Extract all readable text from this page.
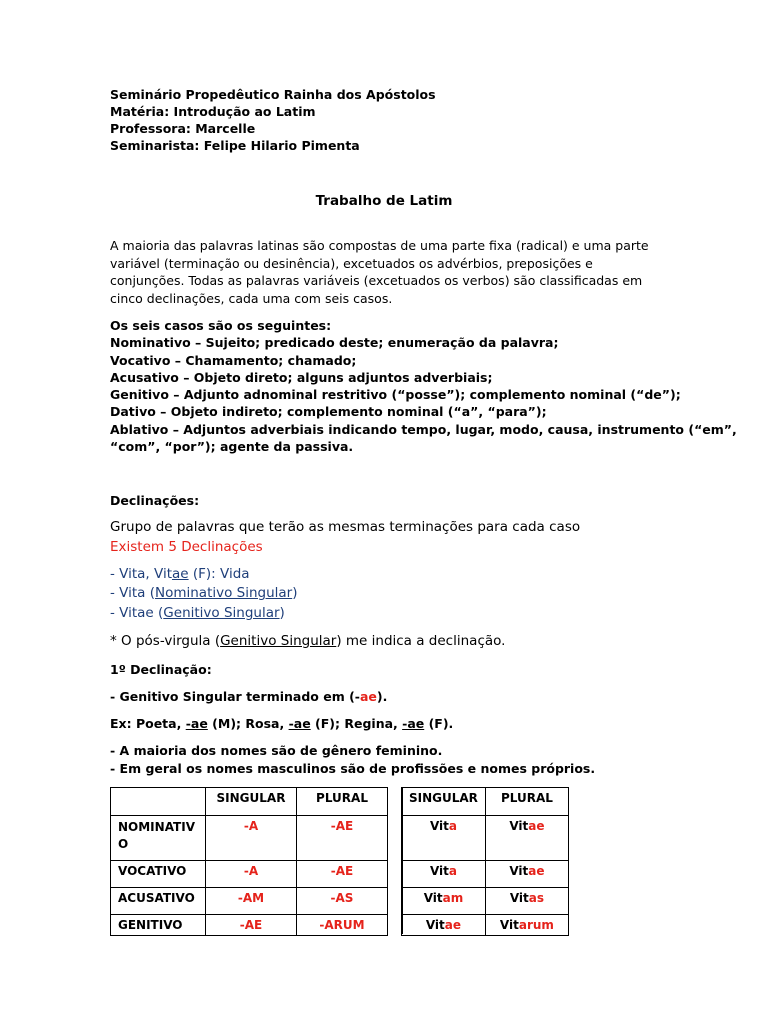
Seminário Propedêutico Rainha dos Apóstolos
Matéria: Introdução ao Latim
Professora: Marcelle
Seminarista: Felipe Hilario Pimenta
Trabalho de Latim
A maioria das palavras latinas são compostas de uma parte fixa (radical) e uma parte variável (terminação ou desinência), excetuados os advérbios, preposições e conjunções. Todas as palavras variáveis (excetuados os verbos) são classificadas em cinco declinações, cada uma com seis casos.
Os seis casos são os seguintes:
Nominativo – Sujeito; predicado deste; enumeração da palavra;
Vocativo – Chamamento; chamado;
Acusativo – Objeto direto; alguns adjuntos adverbiais;
Genitivo – Adjunto adnominal restritivo (“posse”); complemento nominal (“de”);
Dativo – Objeto indireto; complemento nominal (“a”, “para”);
Ablativo – Adjuntos adverbiais indicando tempo, lugar, modo, causa, instrumento (“em”,
“com”, “por”); agente da passiva.
Declinações:
Grupo de palavras que terão as mesmas terminações para cada caso
Existem 5 Declinações
- Vita, Vitae (F): Vida
- Vita (Nominativo Singular)
- Vitae (Genitivo Singular)
* O pós-virgula (Genitivo Singular) me indica a declinação.
1º Declinação:
- Genitivo Singular terminado em (-ae).
Ex: Poeta, -ae (M); Rosa, -ae (F); Regina, -ae (F).
- A maioria dos nomes são de gênero feminino.
- Em geral os nomes masculinos são de profissões e nomes próprios.
	SINGULAR	PLURAL
NOMINATIV
O	-A	-AE
VOCATIVO	-A	-AE
ACUSATIVO	-AM	-AS
GENITIVO	-AE	-ARUM
SINGULAR	PLURAL
Vita	Vitae
Vita	Vitae
Vitam	Vitas
Vitae	Vitarum
